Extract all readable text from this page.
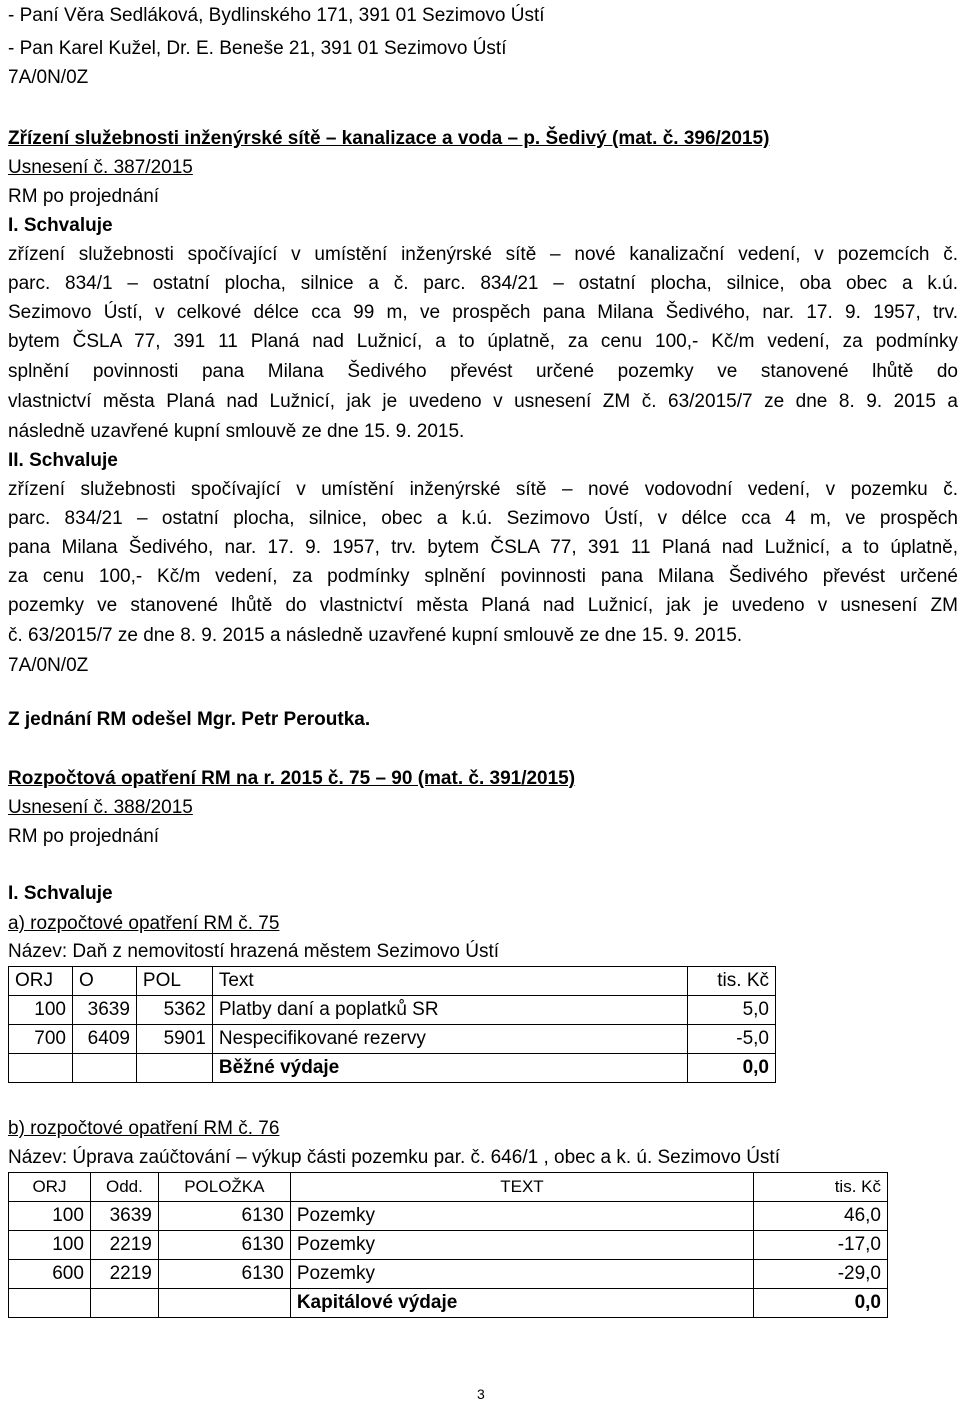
- Paní Věra Sedláková, Bydlinského 171, 391 01 Sezimovo Ústí
- Pan Karel Kužel, Dr. E. Beneše 21, 391 01 Sezimovo Ústí
7A/0N/0Z
Zřízení služebnosti inženýrské sítě – kanalizace a voda – p. Šedivý (mat. č. 396/2015)
Usnesení č. 387/2015
RM po projednání
I. Schvaluje
zřízení služebnosti spočívající v umístění inženýrské sítě – nové kanalizační vedení, v pozemcích č.
parc. 834/1 – ostatní plocha, silnice a č. parc. 834/21 – ostatní plocha, silnice, oba obec a k.ú.
Sezimovo Ústí, v celkové délce cca 99 m, ve prospěch pana Milana Šedivého, nar. 17. 9. 1957, trv.
bytem ČSLA 77, 391 11 Planá nad Lužnicí, a to úplatně, za cenu 100,- Kč/m vedení, za podmínky
splnění povinnosti pana Milana Šedivého převést určené pozemky ve stanovené lhůtě do
vlastnictví města Planá nad Lužnicí, jak je uvedeno v usnesení ZM č. 63/2015/7 ze dne 8. 9. 2015 a
následně uzavřené kupní smlouvě ze dne 15. 9. 2015.
II. Schvaluje
zřízení služebnosti spočívající v umístění inženýrské sítě – nové vodovodní vedení, v pozemku č.
parc. 834/21 – ostatní plocha, silnice, obec a k.ú. Sezimovo Ústí, v délce cca 4 m, ve prospěch
pana Milana Šedivého, nar. 17. 9. 1957, trv. bytem ČSLA 77, 391 11 Planá nad Lužnicí, a to úplatně,
za cenu 100,- Kč/m vedení, za podmínky splnění povinnosti pana Milana Šedivého převést určené
pozemky ve stanovené lhůtě do vlastnictví města Planá nad Lužnicí, jak je uvedeno v usnesení ZM
č. 63/2015/7 ze dne 8. 9. 2015 a následně uzavřené kupní smlouvě ze dne 15. 9. 2015.
7A/0N/0Z
Z jednání RM odešel Mgr. Petr Peroutka.
Rozpočtová opatření RM na r. 2015 č. 75 – 90 (mat. č. 391/2015)
Usnesení č. 388/2015
RM po projednání
I. Schvaluje
a) rozpočtové opatření RM č. 75
Název: Daň z nemovitostí hrazená městem Sezimovo Ústí
ORJ	O	POL	Text	tis. Kč
100	3639	5362	Platby daní a poplatků SR	5,0
700	6409	5901	Nespecifikované rezervy	-5,0
			Běžné výdaje	0,0
b) rozpočtové opatření RM č. 76
Název: Úprava zaúčtování – výkup části pozemku par. č. 646/1 , obec a k. ú. Sezimovo Ústí
ORJ	Odd.	POLOŽKA	TEXT	tis. Kč
100	3639	6130	Pozemky	46,0
100	2219	6130	Pozemky	-17,0
600	2219	6130	Pozemky	-29,0
			Kapitálové výdaje	0,0
3
